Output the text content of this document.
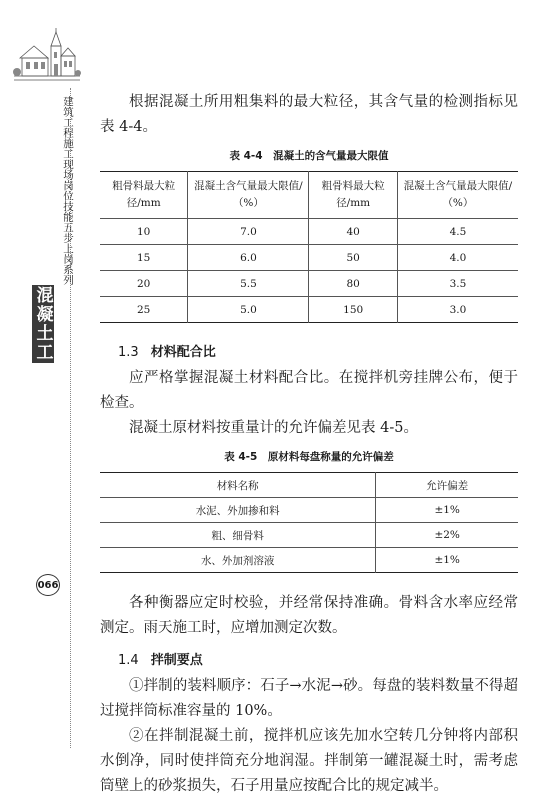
建筑工程施工现场岗位技能五步上岗系列
混凝土工
066

根据混凝土所用粗集料的最大粒径，其含气量的检测指标见表 4-4。

表 4-4　混凝土的含气量最大限值
粗骨料最大粒径/mm	混凝土含气量最大限值/（%）	粗骨料最大粒径/mm	混凝土含气量最大限值/（%）
10	7.0	40	4.5
15	6.0	50	4.0
20	5.5	80	3.5
25	5.0	150	3.0
1.3 材料配合比

应严格掌握混凝土材料配合比。在搅拌机旁挂牌公布，便于检查。

混凝土原材料按重量计的允许偏差见表 4-5。

表 4-5　原材料每盘称量的允许偏差
材料名称	允许偏差
水泥、外加掺和料	±1%
粗、细骨料	±2%
水、外加剂溶液	±1%

各种衡器应定时校验，并经常保持准确。骨料含水率应经常测定。雨天施工时，应增加测定次数。

1.4 拌制要点

①拌制的装料顺序：石子→水泥→砂。每盘的装料数量不得超过搅拌筒标准容量的 10%。

②在拌制混凝土前，搅拌机应该先加水空转几分钟将内部积水倒净，同时使拌筒充分地润湿。拌制第一罐混凝土时，需考虑筒壁上的砂浆损失，石子用量应按配合比的规定减半。
